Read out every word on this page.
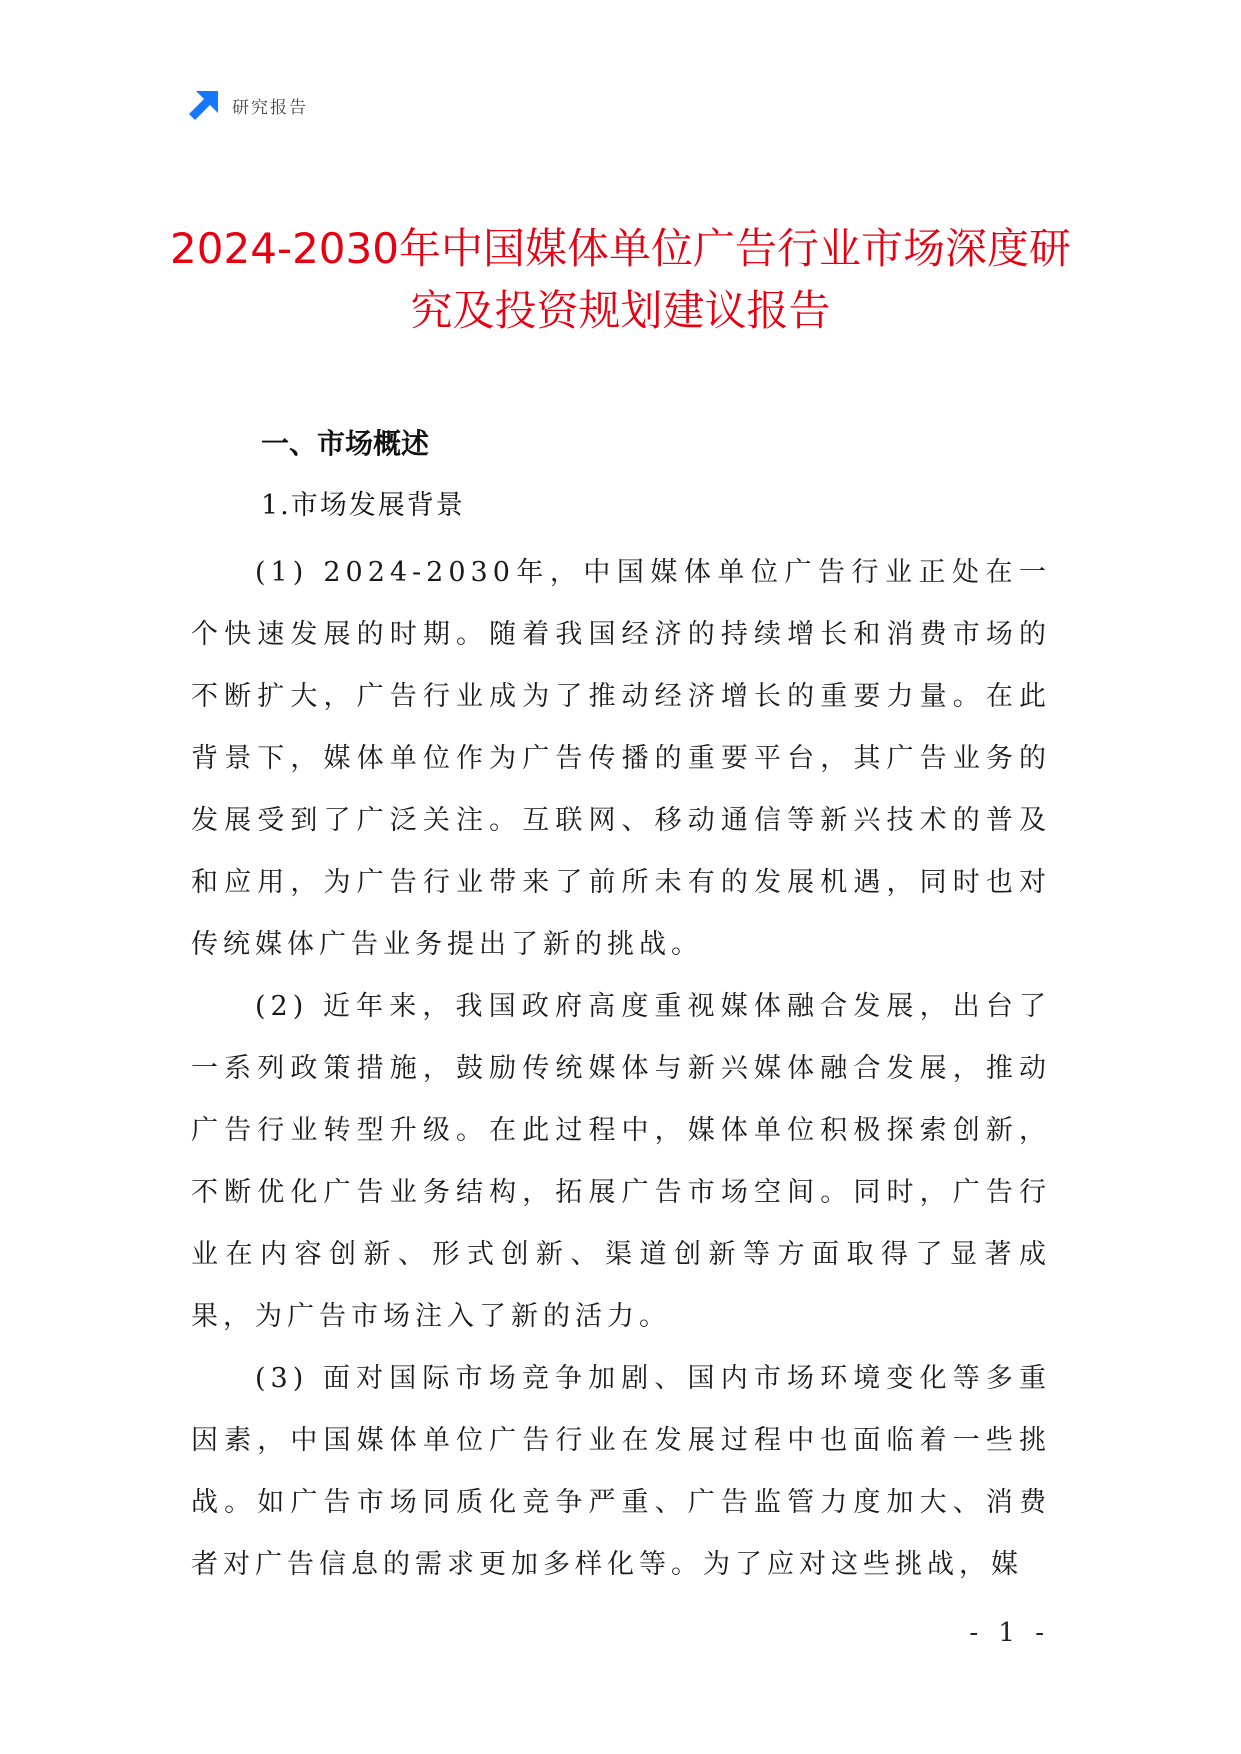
研究报告
2024-2030年中国媒体单位广告行业市场深度研究及投资规划建议报告
一、市场概述
1.市场发展背景

(1) 2024-2030年，中国媒体单位广告行业正处在一个快速发展的时期。随着我国经济的持续增长和消费市场的不断扩大，广告行业成为了推动经济增长的重要力量。在此背景下，媒体单位作为广告传播的重要平台，其广告业务的发展受到了广泛关注。互联网、移动通信等新兴技术的普及和应用，为广告行业带来了前所未有的发展机遇，同时也对传统媒体广告业务提出了新的挑战。

(2) 近年来，我国政府高度重视媒体融合发展，出台了一系列政策措施，鼓励传统媒体与新兴媒体融合发展，推动广告行业转型升级。在此过程中，媒体单位积极探索创新，不断优化广告业务结构，拓展广告市场空间。同时，广告行业在内容创新、形式创新、渠道创新等方面取得了显著成果，为广告市场注入了新的活力。

(3) 面对国际市场竞争加剧、国内市场环境变化等多重因素，中国媒体单位广告行业在发展过程中也面临着一些挑战。如广告市场同质化竞争严重、广告监管力度加大、消费者对广告信息的需求更加多样化等。为了应对这些挑战，媒

- 1 -
